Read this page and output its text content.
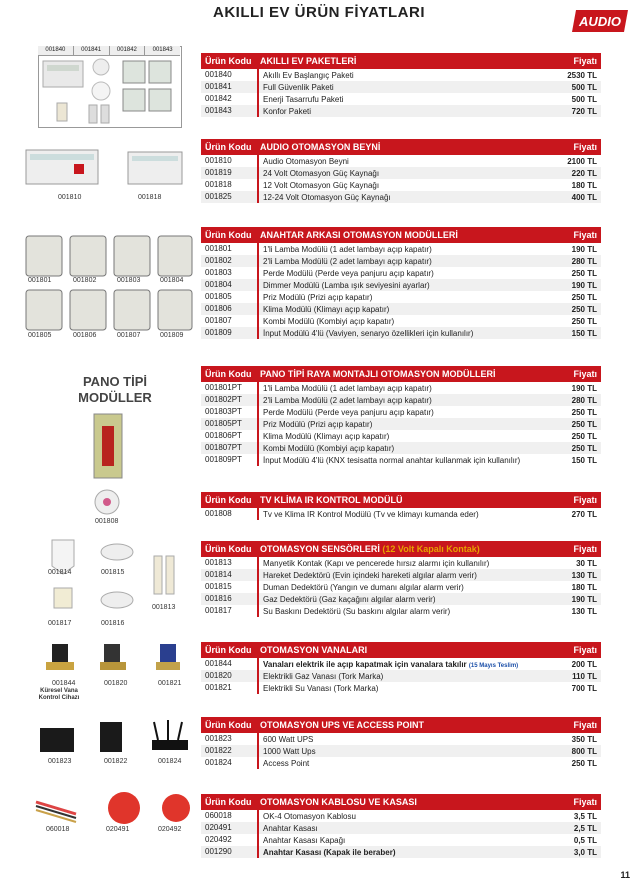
AKILLI EV ÜRÜN FİYATLARI
AUDIO
Ürün Kodu AKILLI EV PAKETLERİ	Fiyatı
001840	Akıllı Ev Başlangıç Paketi	2530 TL
001841	Full Güvenlik Paketi	500 TL
001842	Enerji Tasarrufu Paketi	500 TL
001843	Konfor Paketi	720 TL
Ürün Kodu AUDIO OTOMASYON BEYNİ	Fiyatı
001810	Audio Otomasyon Beyni	2100 TL
001819	24 Volt Otomasyon Güç Kaynağı	220 TL
001818	12 Volt Otomasyon Güç Kaynağı	180 TL
001825	12-24 Volt Otomasyon Güç Kaynağı	400 TL
Ürün Kodu ANAHTAR ARKASI OTOMASYON MODÜLLERİ	Fiyatı
001801	1'li Lamba Modülü (1 adet lambayı açıp kapatır)	190 TL
001802	2'li Lamba Modülü (2 adet lambayı açıp kapatır)	280 TL
001803	Perde Modülü (Perde veya panjuru açıp kapatır)	250 TL
001804	Dimmer Modülü (Lamba ışık seviyesini ayarlar)	190 TL
001805	Priz Modülü (Prizi açıp kapatır)	250 TL
001806	Klima Modülü (Klimayı açıp kapatır)	250 TL
001807	Kombi Modülü (Kombiyi açıp kapatır)	250 TL
001809	İnput Modülü 4'lü (Vaviyen, senaryo özellikleri için kullanılır)	150 TL
Ürün Kodu PANO TİPİ RAYA MONTAJLI OTOMASYON MODÜLLERİ	Fiyatı
001801PT	1'li Lamba Modülü (1 adet lambayı açıp kapatır)	190 TL
001802PT	2'li Lamba Modülü (2 adet lambayı açıp kapatır)	280 TL
001803PT	Perde Modülü (Perde veya panjuru açıp kapatır)	250 TL
001805PT	Priz Modülü (Prizi açıp kapatır)	250 TL
001806PT	Klima Modülü (Klimayı açıp kapatır)	250 TL
001807PT	Kombi Modülü (Kombiyi açıp kapatır)	250 TL
001809PT	İnput Modülü 4'lü (KNX tesisatta normal anahtar kullanmak için kullanılır)	150 TL
Ürün Kodu TV KLİMA IR KONTROL MODÜLÜ	Fiyatı
001808	Tv ve Klima IR Kontrol Modülü (Tv ve klimayı kumanda eder)	270 TL
Ürün Kodu OTOMASYON SENSÖRLERİ (12 Volt Kapalı Kontak)	Fiyatı
001813	Manyetik Kontak (Kapı ve pencerede hırsız alarmı için kullanılır)	30 TL
001814	Hareket Dedektörü (Evin içindeki hareketi algılar alarm verir)	130 TL
001815	Duman Dedektörü (Yangın ve dumanı algılar alarm verir)	180 TL
001816	Gaz Dedektörü (Gaz kaçağını algılar alarm verir)	190 TL
001817	Su Baskını Dedektörü (Su baskını algılar alarm verir)	130 TL
Ürün Kodu OTOMASYON VANALARI	Fiyatı
001844	Vanaları elektrik ile açıp kapatmak için vanalara takılır (15 Mayıs Teslim)	200 TL
001820	Elektrikli Gaz Vanası (Tork Marka)	110 TL
001821	Elektrikli Su Vanası (Tork Marka)	700 TL
Ürün Kodu OTOMASYON UPS VE ACCESS POINT	Fiyatı
001823	600 Watt UPS	350 TL
001822	1000 Watt Ups	800 TL
001824	Access Point	250 TL
Ürün Kodu OTOMASYON KABLOSU VE KASASI	Fiyatı
060018	OK-4 Otomasyon Kablosu	3,5 TL
020491	Anahtar Kasası	2,5 TL
020492	Anahtar Kasası Kapağı	0,5 TL
001290	Anahtar Kasası (Kapak ile beraber)	3,0 TL
001840	001841	001842	001843
001810	001818
001801	001802	001803	001804
001805	001806	001807	001809
PANO TİPİ
MODÜLLER
001808
001814	001815
001817	001816
001813
001844	001820	001821
Küresel Vana
Kontrol Cihazı
001823	001822	001824
060018	020491	020492
11
